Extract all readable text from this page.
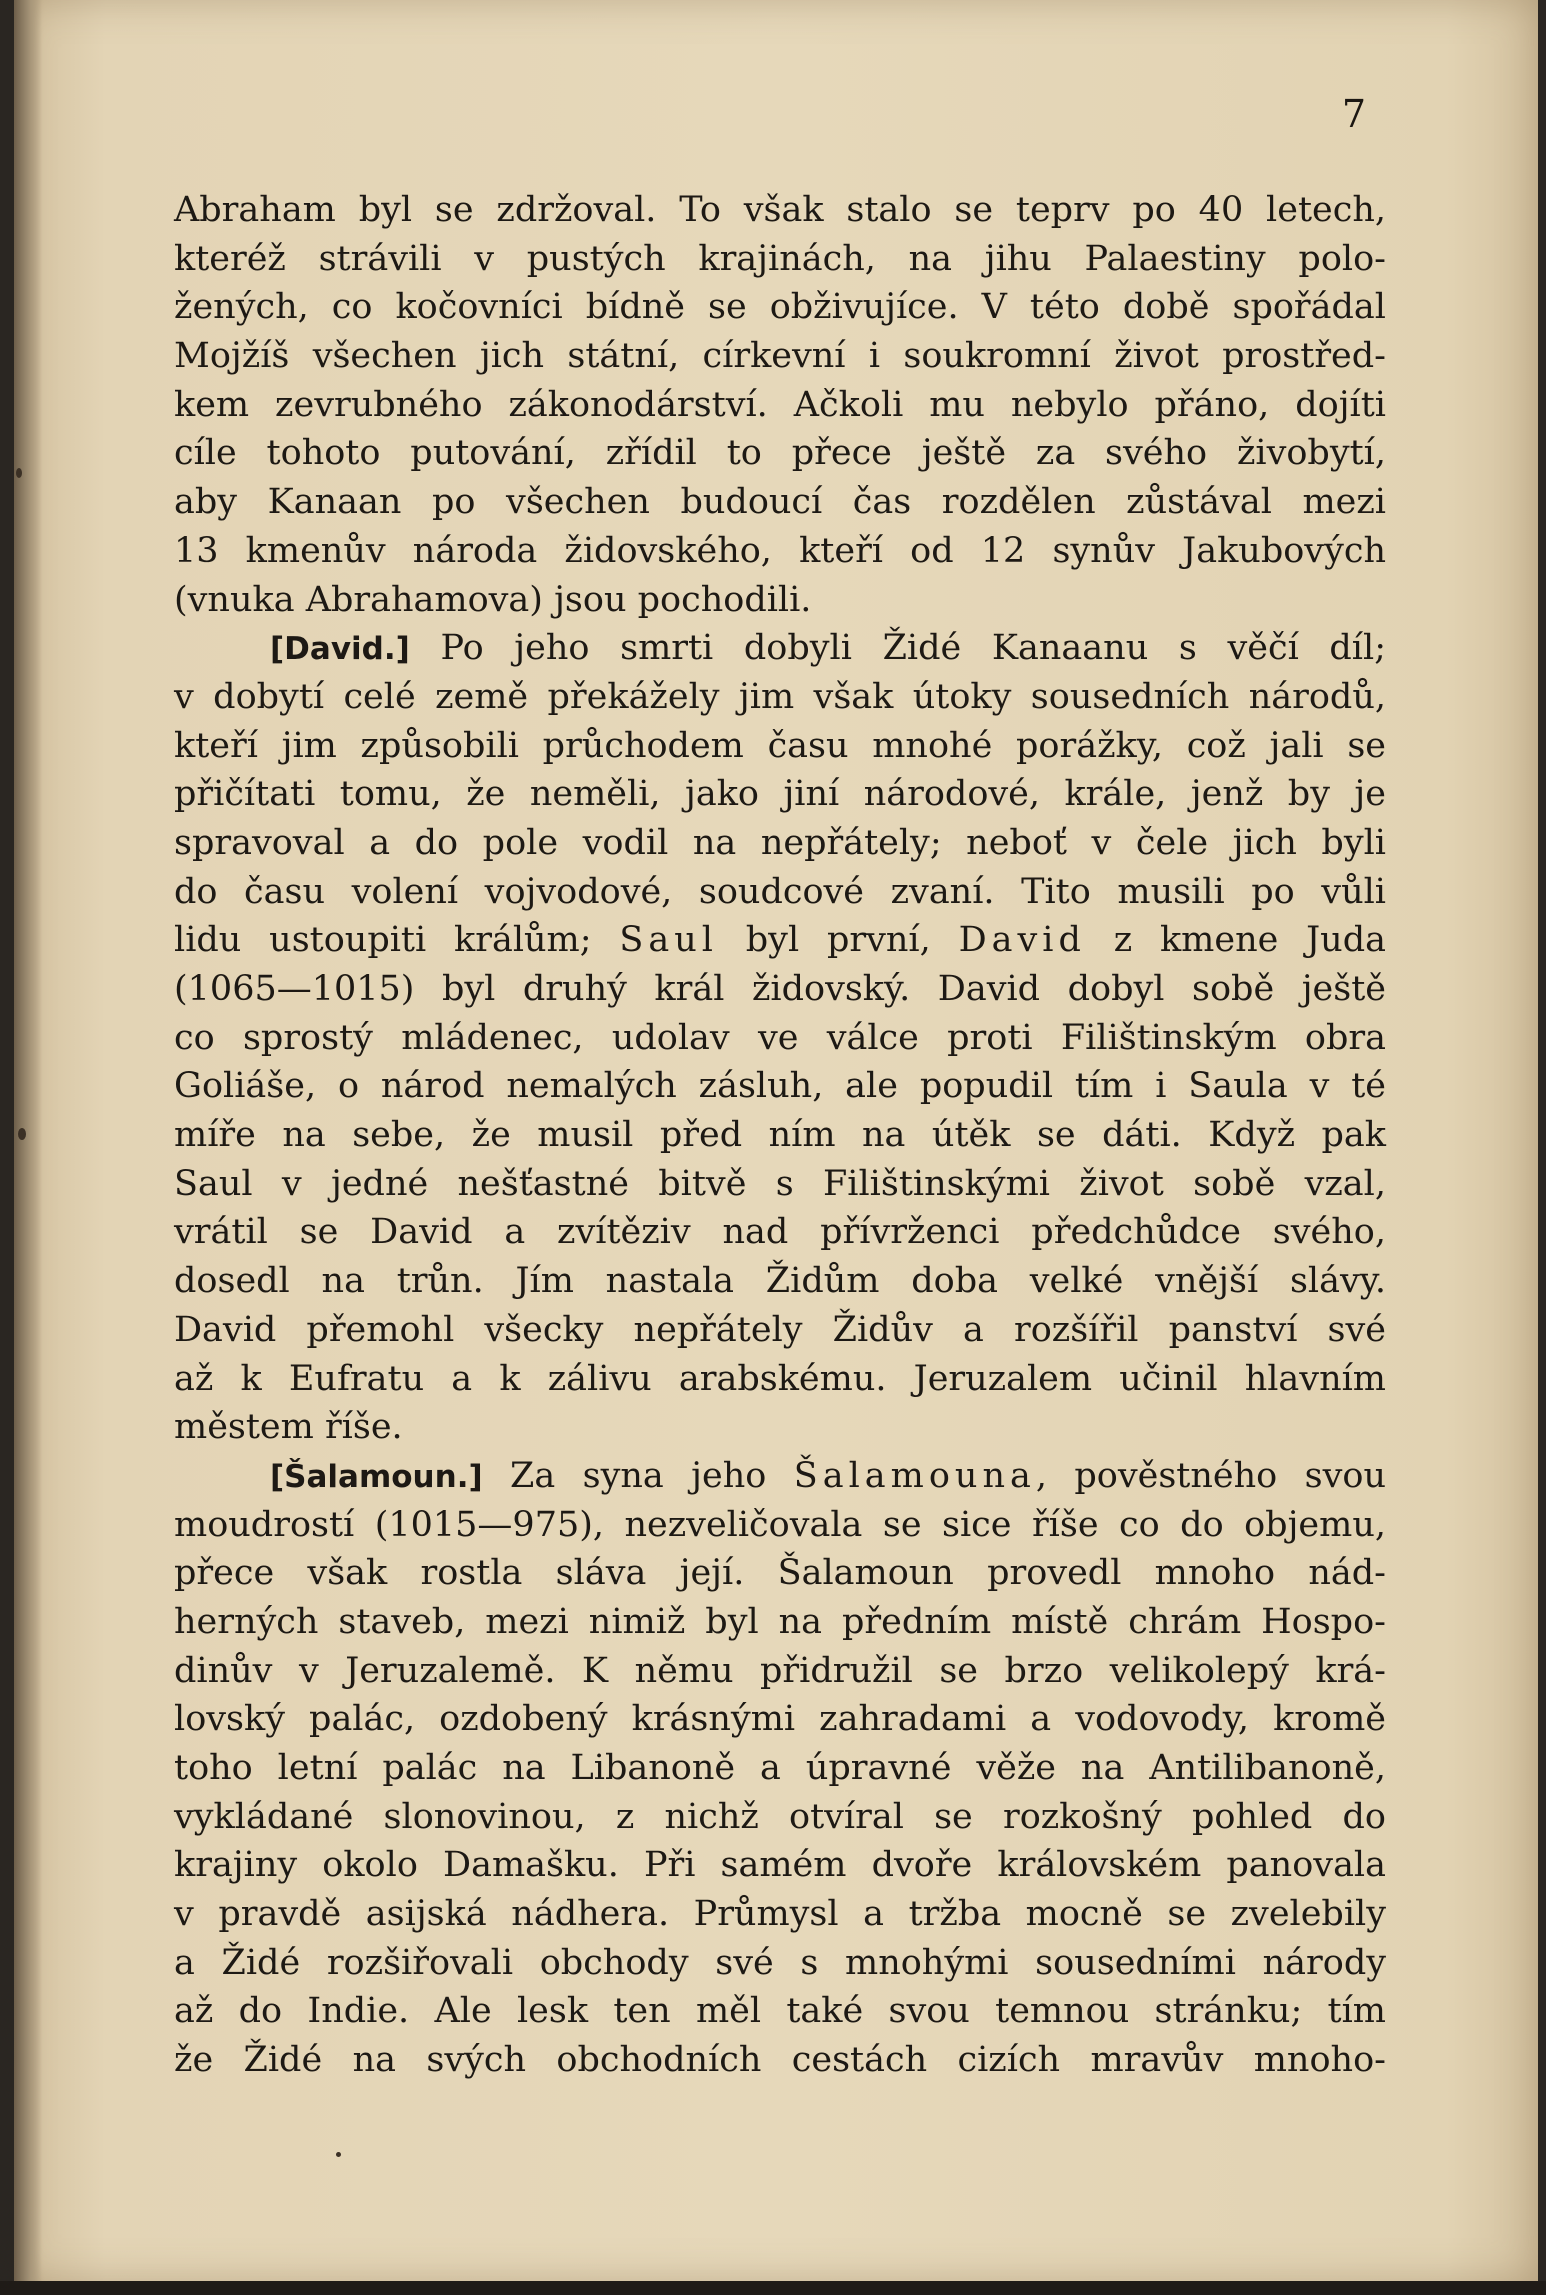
7
Abraham byl se zdržoval. To však stalo se teprv po 40 letech,
kteréž strávili v pustých krajinách, na jihu Palaestiny polo-
žených, co kočovníci bídně se obživujíce. V této době spořádal
Mojžíš všechen jich státní, církevní i soukromní život prostřed-
kem zevrubného zákonodárství. Ačkoli mu nebylo přáno, dojíti
cíle tohoto putování, zřídil to přece ještě za svého živobytí,
aby Kanaan po všechen budoucí čas rozdělen zůstával mezi
13 kmenův národa židovského, kteří od 12 synův Jakubových
(vnuka Abrahamova) jsou pochodili.
[David.] Po jeho smrti dobyli Židé Kanaanu s věčí díl;
v dobytí celé země překážely jim však útoky sousedních národů,
kteří jim způsobili průchodem času mnohé porážky, což jali se
přičítati tomu, že neměli, jako jiní národové, krále, jenž by je
spravoval a do pole vodil na nepřátely; neboť v čele jich byli
do času volení vojvodové, soudcové zvaní. Tito musili po vůli
lidu ustoupiti králům; Saul byl první, David z kmene Juda
(1065—1015) byl druhý král židovský. David dobyl sobě ještě
co sprostý mládenec, udolav ve válce proti Filištinským obra
Goliáše, o národ nemalých zásluh, ale popudil tím i Saula v té
míře na sebe, že musil před ním na útěk se dáti. Když pak
Saul v jedné nešťastné bitvě s Filištinskými život sobě vzal,
vrátil se David a zvítěziv nad přívrženci předchůdce svého,
dosedl na trůn. Jím nastala Židům doba velké vnější slávy.
David přemohl všecky nepřátely Židův a rozšířil panství své
až k Eufratu a k zálivu arabskému. Jeruzalem učinil hlavním
městem říše.
[Šalamoun.] Za syna jeho Šalamouna, pověstného svou
moudrostí (1015—975), nezveličovala se sice říše co do objemu,
přece však rostla sláva její. Šalamoun provedl mnoho nád-
herných staveb, mezi nimiž byl na předním místě chrám Hospo-
dinův v Jeruzalemě. K němu přidružil se brzo velikolepý krá-
lovský palác, ozdobený krásnými zahradami a vodovody, kromě
toho letní palác na Libanoně a úpravné věže na Antilibanoně,
vykládané slonovinou, z nichž otvíral se rozkošný pohled do
krajiny okolo Damašku. Při samém dvoře královském panovala
v pravdě asijská nádhera. Průmysl a tržba mocně se zvelebily
a Židé rozšiřovali obchody své s mnohými sousedními národy
až do Indie. Ale lesk ten měl také svou temnou stránku; tím
že Židé na svých obchodních cestách cizích mravův mnoho-
